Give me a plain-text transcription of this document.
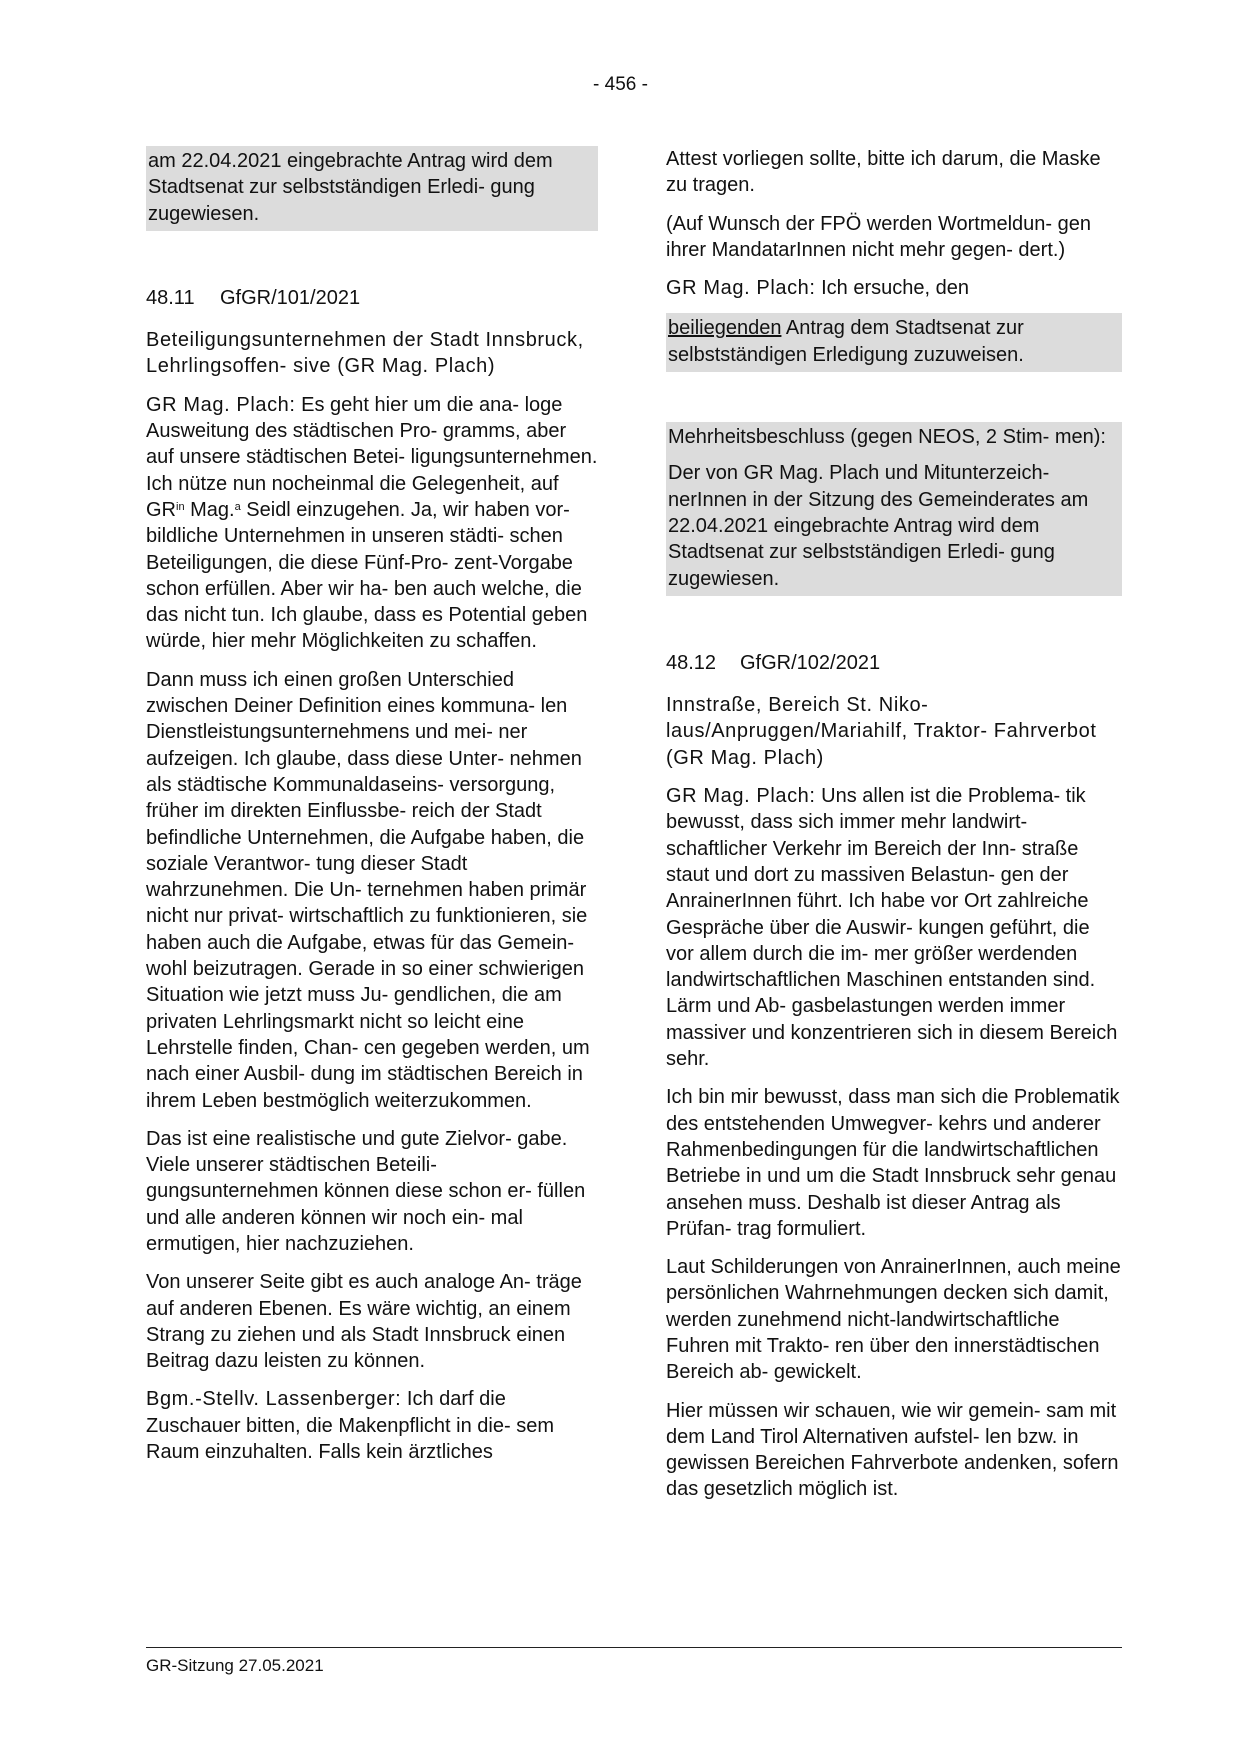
- 456 -

am 22.04.2021 eingebrachte Antrag wird dem Stadtsenat zur selbstständigen Erledi- gung zugewiesen.

48.11	GfGR/101/2021

Beteiligungsunternehmen der Stadt Innsbruck, Lehrlingsoffen- sive (GR Mag. Plach)

GR Mag. Plach: Es geht hier um die ana- loge Ausweitung des städtischen Pro- gramms, aber auf unsere städtischen Betei- ligungsunternehmen. Ich nütze nun nocheinmal die Gelegenheit, auf $GR^{in}$ Mag.$^a$ Seidl einzugehen. Ja, wir haben vor- bildliche Unternehmen in unseren städti- schen Beteiligungen, die diese Fünf-Pro- zent-Vorgabe schon erfüllen. Aber wir ha- ben auch welche, die das nicht tun. Ich glaube, dass es Potential geben würde, hier mehr Möglichkeiten zu schaffen.

Dann muss ich einen großen Unterschied zwischen Deiner Definition eines kommuna- len Dienstleistungsunternehmens und mei- ner aufzeigen. Ich glaube, dass diese Unter- nehmen als städtische Kommunaldaseins- versorgung, früher im direkten Einflussbe- reich der Stadt befindliche Unternehmen, die Aufgabe haben, die soziale Verantwor- tung dieser Stadt wahrzunehmen. Die Un- ternehmen haben primär nicht nur privat- wirtschaftlich zu funktionieren, sie haben auch die Aufgabe, etwas für das Gemein- wohl beizutragen. Gerade in so einer schwierigen Situation wie jetzt muss Ju- gendlichen, die am privaten Lehrlingsmarkt nicht so leicht eine Lehrstelle finden, Chan- cen gegeben werden, um nach einer Ausbil- dung im städtischen Bereich in ihrem Leben bestmöglich weiterzukommen.

Das ist eine realistische und gute Zielvor- gabe. Viele unserer städtischen Beteili- gungsunternehmen können diese schon er- füllen und alle anderen können wir noch ein- mal ermutigen, hier nachzuziehen.

Von unserer Seite gibt es auch analoge An- träge auf anderen Ebenen. Es wäre wichtig, an einem Strang zu ziehen und als Stadt Innsbruck einen Beitrag dazu leisten zu können.

Bgm.-Stellv. Lassenberger: Ich darf die Zuschauer bitten, die Makenpflicht in die- sem Raum einzuhalten. Falls kein ärztliches

Attest vorliegen sollte, bitte ich darum, die Maske zu tragen.

(Auf Wunsch der FPÖ werden Wortmeldun- gen ihrer MandatarInnen nicht mehr gegen- dert.)

GR Mag. Plach: Ich ersuche, den

beiliegenden Antrag dem Stadtsenat zur selbstständigen Erledigung zuzuweisen.

Mehrheitsbeschluss (gegen NEOS, 2 Stim- men):

Der von GR Mag. Plach und Mitunterzeich- nerInnen in der Sitzung des Gemeinderates am 22.04.2021 eingebrachte Antrag wird dem Stadtsenat zur selbstständigen Erledi- gung zugewiesen.

48.12	GfGR/102/2021

Innstraße, Bereich St. Niko- laus/Anpruggen/Mariahilf, Traktor- Fahrverbot (GR Mag. Plach)

GR Mag. Plach: Uns allen ist die Problema- tik bewusst, dass sich immer mehr landwirt- schaftlicher Verkehr im Bereich der Inn- straße staut und dort zu massiven Belastun- gen der AnrainerInnen führt. Ich habe vor Ort zahlreiche Gespräche über die Auswir- kungen geführt, die vor allem durch die im- mer größer werdenden landwirtschaftlichen Maschinen entstanden sind. Lärm und Ab- gasbelastungen werden immer massiver und konzentrieren sich in diesem Bereich sehr.

Ich bin mir bewusst, dass man sich die Problematik des entstehenden Umwegver- kehrs und anderer Rahmenbedingungen für die landwirtschaftlichen Betriebe in und um die Stadt Innsbruck sehr genau ansehen muss. Deshalb ist dieser Antrag als Prüfan- trag formuliert.

Laut Schilderungen von AnrainerInnen, auch meine persönlichen Wahrnehmungen decken sich damit, werden zunehmend nicht-landwirtschaftliche Fuhren mit Trakto- ren über den innerstädtischen Bereich ab- gewickelt.

Hier müssen wir schauen, wie wir gemein- sam mit dem Land Tirol Alternativen aufstel- len bzw. in gewissen Bereichen Fahrverbote andenken, sofern das gesetzlich möglich ist.

GR-Sitzung 27.05.2021
